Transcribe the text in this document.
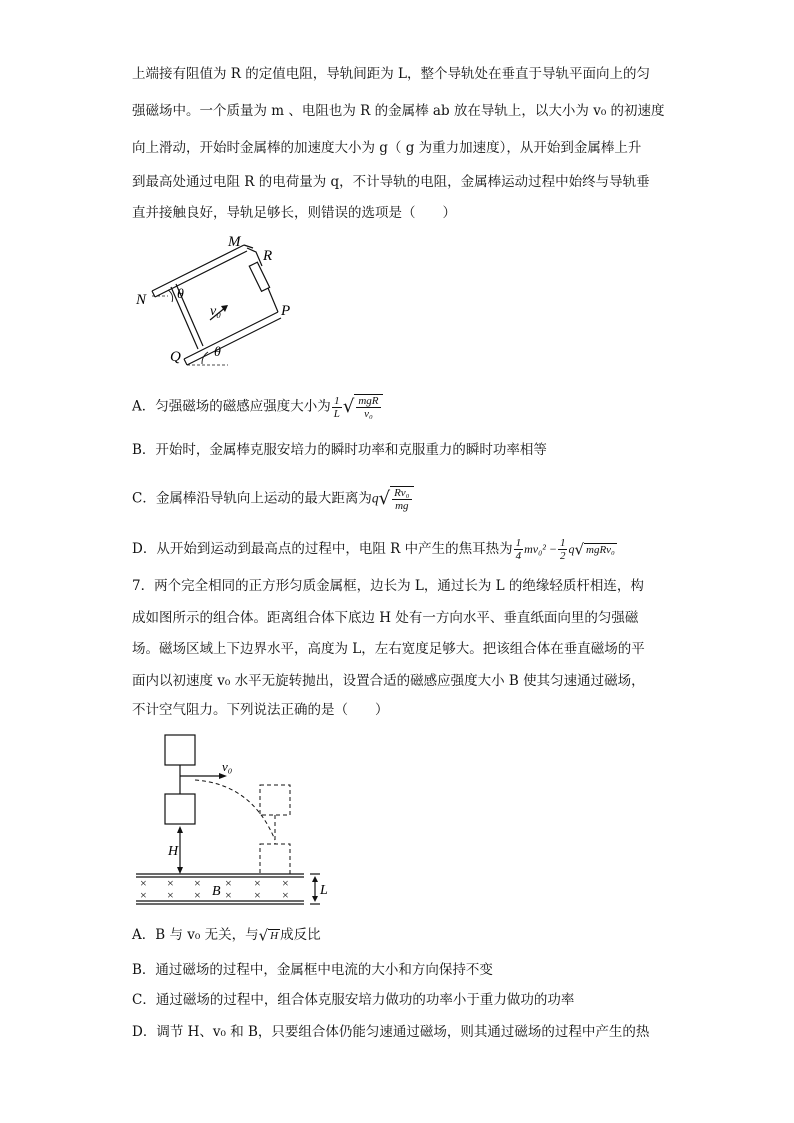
上端接有阻值为 R 的定值电阻，导轨间距为 L，整个导轨处在垂直于导轨平面向上的匀
强磁场中。一个质量为 m 、电阻也为 R 的金属棒 ab 放在导轨上，以大小为 v₀ 的初速度
向上滑动，开始时金属棒的加速度大小为 g（ g 为重力加速度），从开始到金属棒上升
到最高处通过电阻 R 的电荷量为 q，不计导轨的电阻，金属棒运动过程中始终与导轨垂
直并接触良好，导轨足够长，则错误的选项是（　　）
M
R
N
P
Q
θ
θ
v₀
A．匀强磁场的磁感应强度大小为 $\frac{1}{L}$ √ $\frac{\text{mgR}}{\text{v₀}}$
B．开始时，金属棒克服安培力的瞬时功率和克服重力的瞬时功率相等
C．金属棒沿导轨向上运动的最大距离为$q√ \frac{\text{Rv₀}}{mg}$
D．从开始到运动到最高点的过程中，电阻 R 中产生的焦耳热为 $\frac{1}{4} mv_0^2 - \frac{1}{2} q√$ mgRv₀
7．两个完全相同的正方形匀质金属框，边长为 L，通过长为 L 的绝缘轻质杆相连，构
成如图所示的组合体。距离组合体下底边 H 处有一方向水平、垂直纸面向里的匀强磁
场。磁场区域上下边界水平，高度为 L，左右宽度足够大。把该组合体在垂直磁场的平
面内以初速度 v₀ 水平无旋转抛出，设置合适的磁感应强度大小 B 使其匀速通过磁场，
不计空气阻力。下列说法正确的是（　　）
×
×
×
×
×
×
×
×
×
×
×
×
v₀
H
B	L
A．B 与 v₀ 无关，与√ H 成反比
B．通过磁场的过程中，金属框中电流的大小和方向保持不变
C．通过磁场的过程中，组合体克服安培力做功的功率小于重力做功的功率
D．调节 H、v₀ 和 B，只要组合体仍能匀速通过磁场，则其通过磁场的过程中产生的热
